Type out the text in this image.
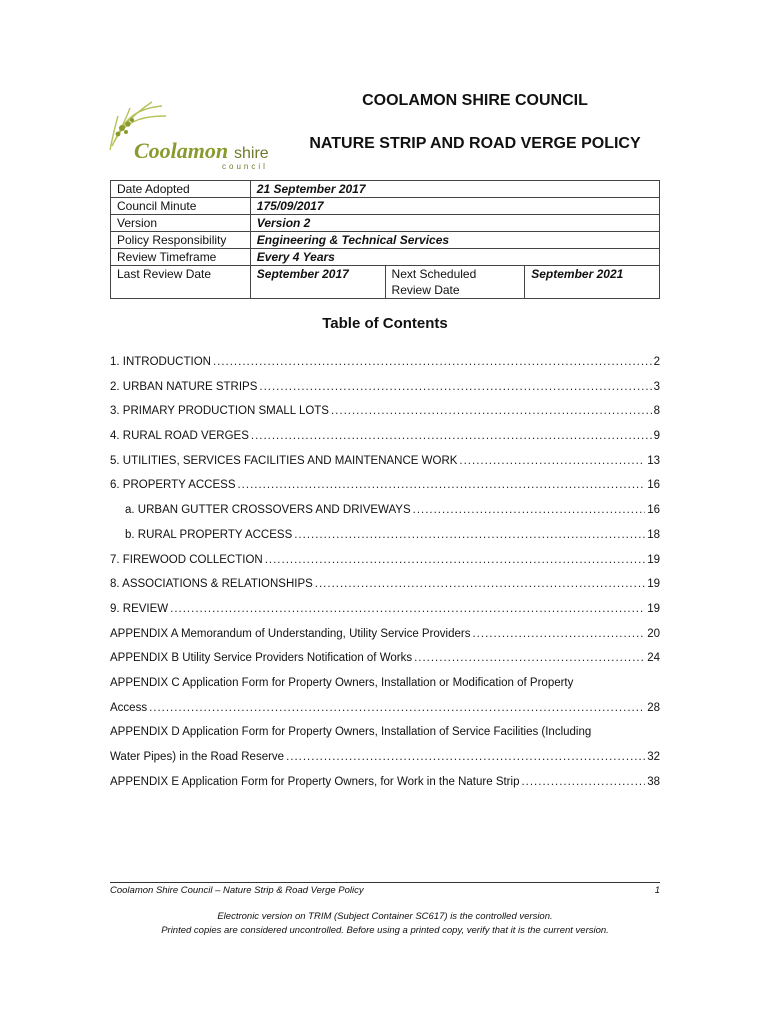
Coolamon shire
council
COOLAMON SHIRE COUNCIL
NATURE STRIP AND ROAD VERGE POLICY
Date Adopted	21 September 2017		
Council Minute	175/09/2017		
Version	Version 2		
Policy Responsibility	Engineering & Technical Services		
Review Timeframe	Every 4 Years		
Last Review Date	September 2017	Next Scheduled Review Date	September 2021
Table of Contents
1. INTRODUCTION .....	2
2. URBAN NATURE STRIPS .....	3
3. PRIMARY PRODUCTION SMALL LOTS .....	8
4. RURAL ROAD VERGES .....	9
5. UTILITIES, SERVICES FACILITIES AND MAINTENANCE WORK .....	13
6. PROPERTY ACCESS .....	16
a. URBAN GUTTER CROSSOVERS AND DRIVEWAYS .....	16
b. RURAL PROPERTY ACCESS .....	18
7. FIREWOOD COLLECTION .....	19
8. ASSOCIATIONS & RELATIONSHIPS .....	19
9. REVIEW .....	19
APPENDIX A Memorandum of Understanding, Utility Service Providers .....	20
APPENDIX B Utility Service Providers Notification of Works .....	24
APPENDIX C Application Form for Property Owners, Installation or Modification of Property
Access .....	28
APPENDIX D Application Form for Property Owners, Installation of Service Facilities (Including
Water Pipes) in the Road Reserve .....	32
APPENDIX E Application Form for Property Owners, for Work in the Nature Strip .....	38
Coolamon Shire Council – Nature Strip & Road Verge Policy	1
Electronic version on TRIM (Subject Container SC617) is the controlled version.
Printed copies are considered uncontrolled. Before using a printed copy, verify that it is the current version.
